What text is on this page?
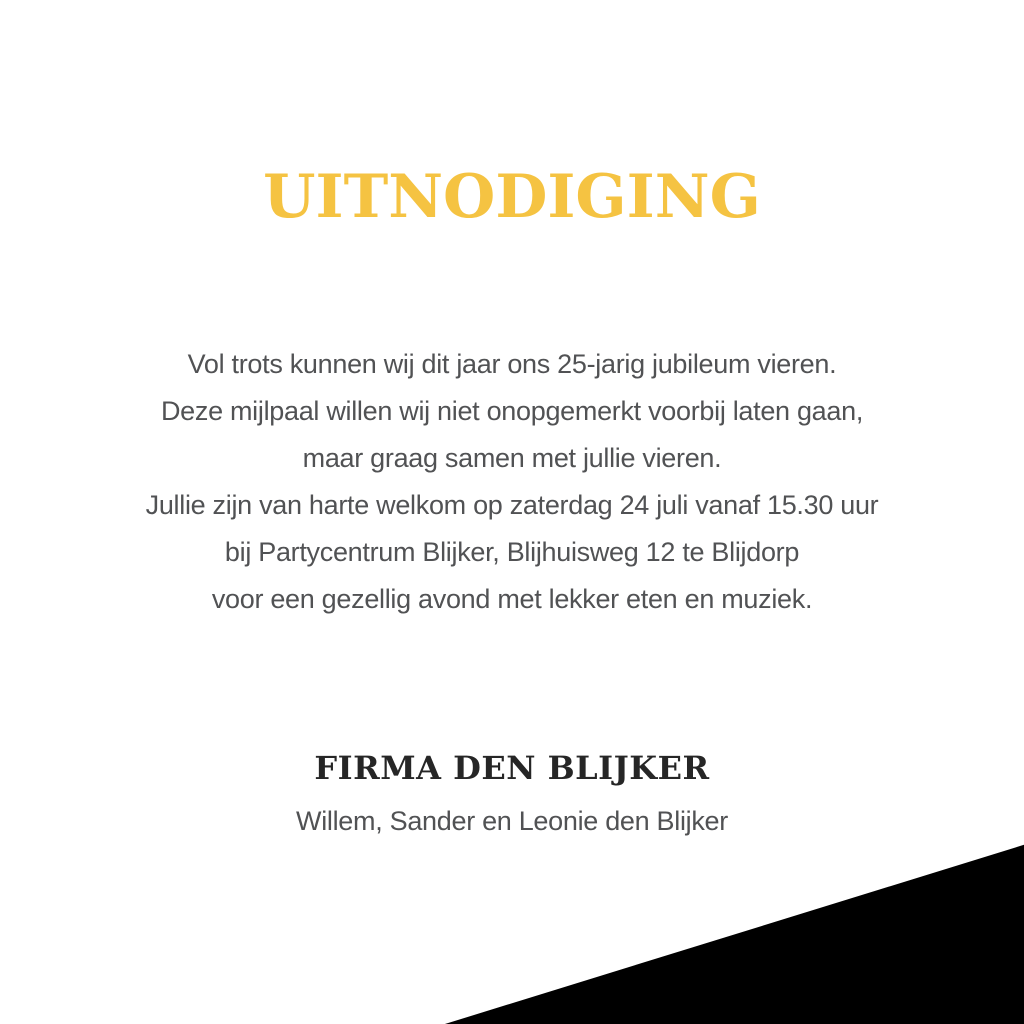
UITNODIGING
Vol trots kunnen wij dit jaar ons 25-jarig jubileum vieren.
Deze mijlpaal willen wij niet onopgemerkt voorbij laten gaan,
maar graag samen met jullie vieren.
Jullie zijn van harte welkom op zaterdag 24 juli vanaf 15.30 uur
bij Partycentrum Blijker, Blijhuisweg 12 te Blijdorp
voor een gezellig avond met lekker eten en muziek.
FIRMA DEN BLIJKER
Willem, Sander en Leonie den Blijker
